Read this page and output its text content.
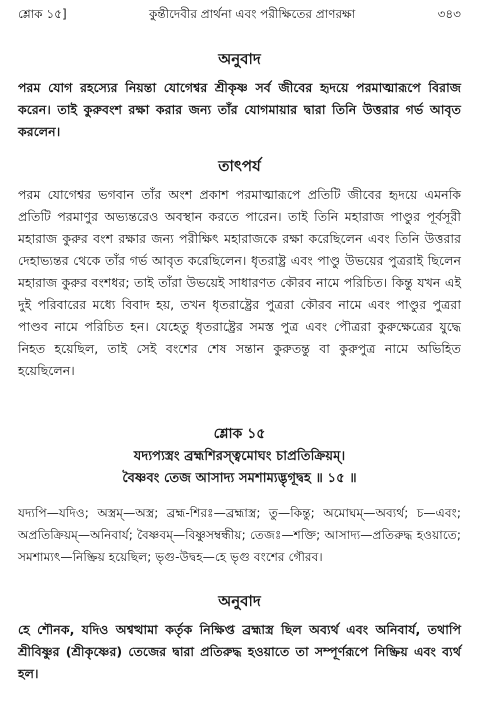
শ্লোক ১৫]	কুন্তীদেবীর প্রার্থনা এবং পরীক্ষিতের প্রাণরক্ষা	৩৪৩
অনুবাদ

পরম যোগ রহস্যের নিয়ন্তা যোগেশ্বর শ্রীকৃষ্ণ সর্ব জীবের হৃদয়ে পরমাত্মারূপে বিরাজ করেন। তাই কুরুবংশ রক্ষা করার জন্য তাঁর যোগমায়ার দ্বারা তিনি উত্তরার গর্ভ আবৃত করলেন।

তাৎপর্য

পরম যোগেশ্বর ভগবান তাঁর অংশ প্রকাশ পরমাত্মারূপে প্রতিটি জীবের হৃদয়ে এমনকি প্রতিটি পরমাণুর অভ্যন্তরেও অবস্থান করতে পারেন। তাই তিনি মহারাজ পাণ্ডুর পূর্বসূরী মহারাজ কুরুর বংশ রক্ষার জন্য পরীক্ষিৎ মহারাজকে রক্ষা করেছিলেন এবং তিনি উত্তরার দেহাভ্যন্তর থেকে তাঁর গর্ভ আবৃত করেছিলেন। ধৃতরাষ্ট্র এবং পাণ্ডু উভয়ের পুত্ররাই ছিলেন মহারাজ কুরুর বংশধর; তাই তাঁরা উভয়েই সাধারণত কৌরব নামে পরিচিত। কিন্তু যখন এই দুই পরিবারের মধ্যে বিবাদ হয়, তখন ধৃতরাষ্ট্রের পুত্ররা কৌরব নামে এবং পাণ্ডুর পুত্ররা পাণ্ডব নামে পরিচিত হন। যেহেতু ধৃতরাষ্ট্রের সমস্ত পুত্র এবং পৌত্ররা কুরুক্ষেত্রের যুদ্ধে নিহত হয়েছিল, তাই সেই বংশের শেষ সন্তান কুরুতন্তু বা কুরুপুত্র নামে অভিহিত হয়েছিলেন।

শ্লোক ১৫

যদ্যপ্যস্ত্রং ব্রহ্মশিরস্ত্বমোঘং চাপ্রতিক্রিয়ম্।

বৈষ্ণবং তেজ আসাদ্য সমশাম্যদ্ভৃগূদ্বহ ॥ ১৫ ॥

যদ্যপি—যদিও; অস্ত্রম্—অস্ত্র; ব্রহ্ম-শিরঃ—ব্রহ্মাস্ত্র; তু—কিন্তু; অমোঘম্—অব্যর্থ; চ—এবং; অপ্রতিক্রিয়ম্—অনিবার্য; বৈষ্ণবম্—বিষ্ণুসম্বন্ধীয়; তেজঃ—শক্তি; আসাদ্য—প্রতিরুদ্ধ হওয়াতে; সমশাম্যৎ—নিষ্ক্রিয় হয়েছিল; ভৃগু-উদ্বহ—হে ভৃগু বংশের গৌরব।

অনুবাদ

হে শৌনক, যদিও অশ্বত্থামা কর্তৃক নিক্ষিপ্ত ব্রহ্মাস্ত্র ছিল অব্যর্থ এবং অনিবার্য, তথাপি শ্রীবিষ্ণুর (শ্রীকৃষ্ণের) তেজের দ্বারা প্রতিরুদ্ধ হওয়াতে তা সম্পূর্ণরূপে নিষ্ক্রিয় এবং ব্যর্থ হল।
